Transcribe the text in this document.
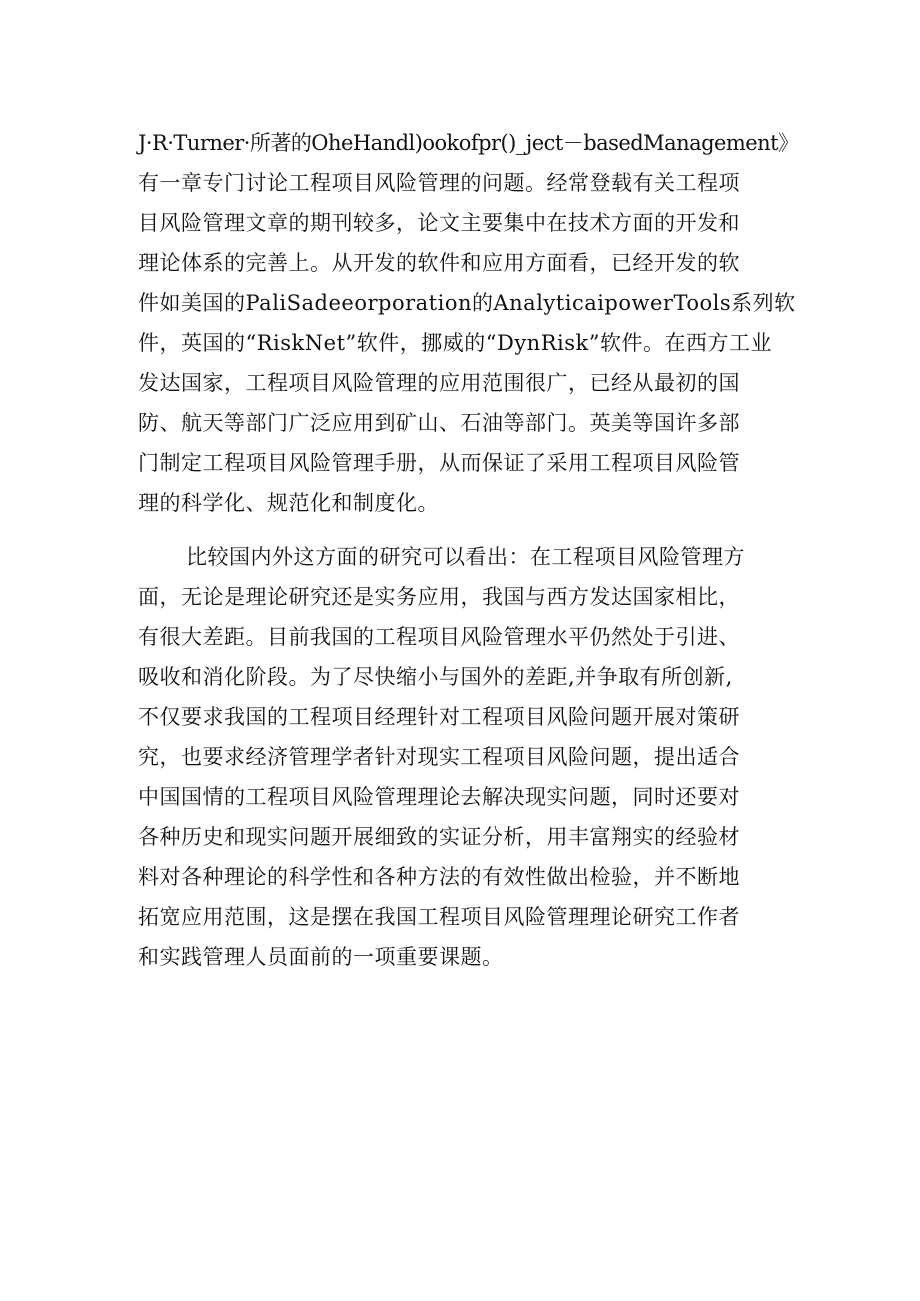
J·R·Turner·所著的OheHandl)ookofpr()_ject－basedManagement》
有一章专门讨论工程项目风险管理的问题。经常登载有关工程项
目风险管理文章的期刊较多，论文主要集中在技术方面的开发和
理论体系的完善上。从开发的软件和应用方面看，已经开发的软
件如美国的PaliSadeeorporation的AnalyticaipowerTools系列软
件，英国的“RiskNet”软件，挪威的“DynRisk”软件。在西方工业
发达国家，工程项目风险管理的应用范围很广，已经从最初的国
防、航天等部门广泛应用到矿山、石油等部门。英美等国许多部
门制定工程项目风险管理手册，从而保证了采用工程项目风险管
理的科学化、规范化和制度化。
比较国内外这方面的研究可以看出：在工程项目风险管理方
面，无论是理论研究还是实务应用，我国与西方发达国家相比，
有很大差距。目前我国的工程项目风险管理水平仍然处于引进、
吸收和消化阶段。为了尽快缩小与国外的差距,并争取有所创新,
不仅要求我国的工程项目经理针对工程项目风险问题开展对策研
究，也要求经济管理学者针对现实工程项目风险问题，提出适合
中国国情的工程项目风险管理理论去解决现实问题，同时还要对
各种历史和现实问题开展细致的实证分析，用丰富翔实的经验材
料对各种理论的科学性和各种方法的有效性做出检验，并不断地
拓宽应用范围，这是摆在我国工程项目风险管理理论研究工作者
和实践管理人员面前的一项重要课题。
